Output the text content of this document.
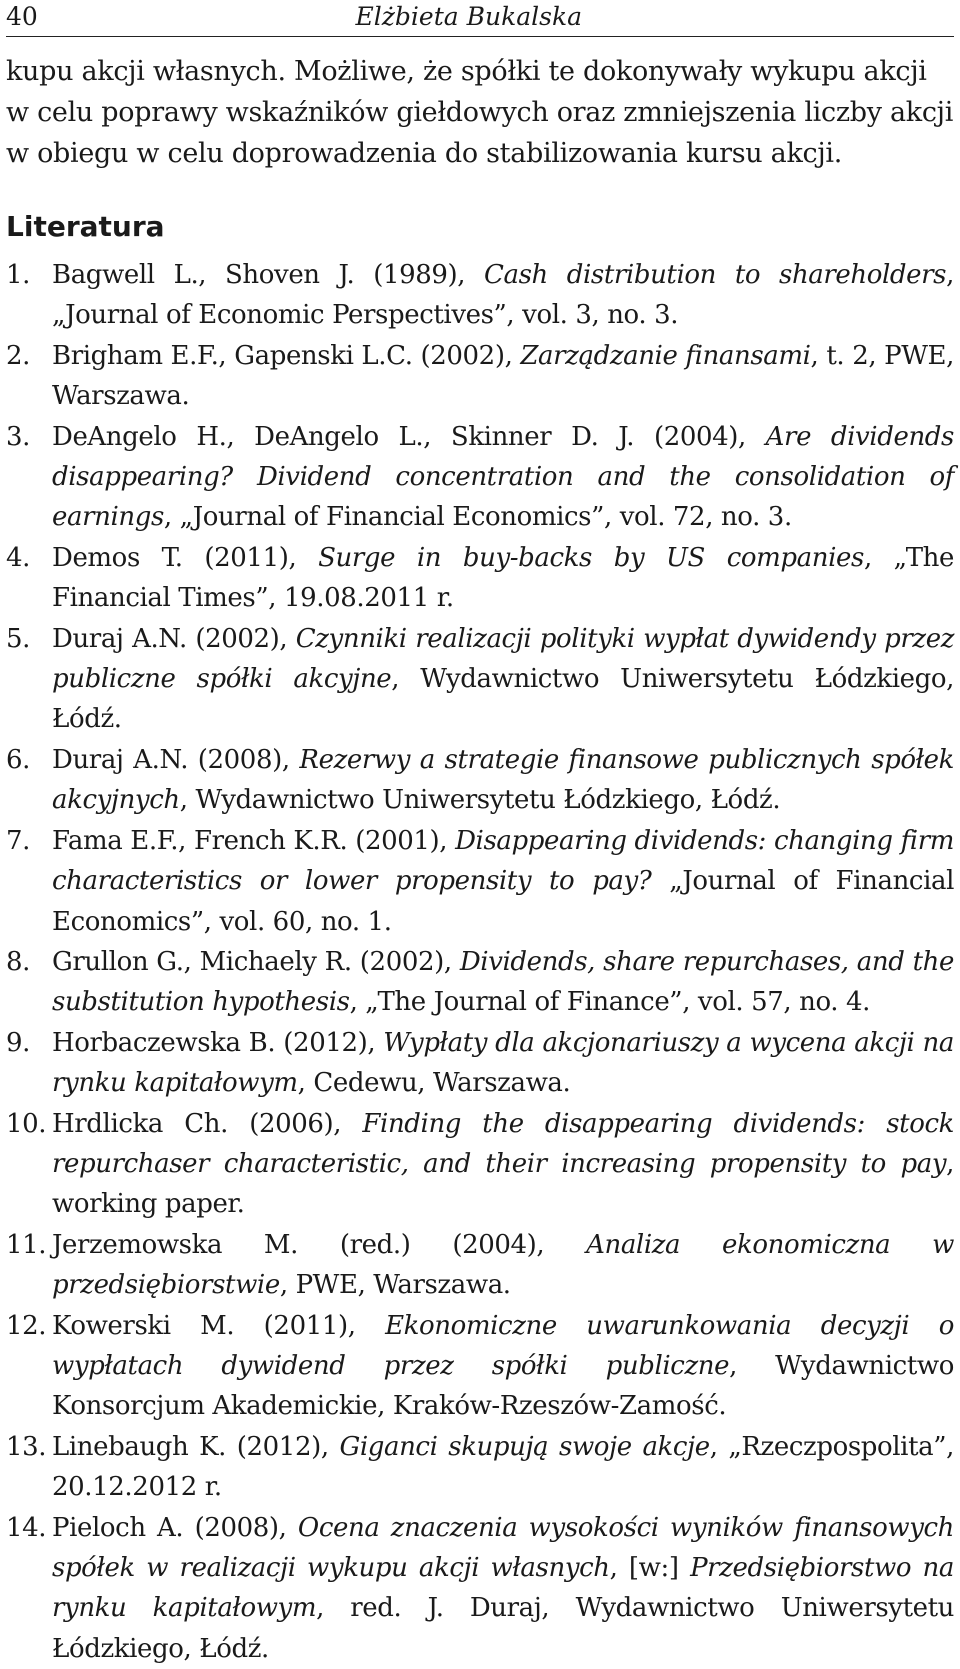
40	Elżbieta Bukalska

kupu akcji własnych. Możliwe, że spółki te dokonywały wykupu akcji w celu poprawy wskaźników giełdowych oraz zmniejszenia liczby akcji w obiegu w celu doprowadzenia do stabilizowania kursu akcji.

Literatura
1. Bagwell L., Shoven J. (1989), Cash distribution to shareholders, „Journal of Economic Perspectives”, vol. 3, no. 3.
2. Brigham E.F., Gapenski L.C. (2002), Zarządzanie finansami, t. 2, PWE, Warszawa.
3. DeAngelo H., DeAngelo L., Skinner D. J. (2004), Are dividends disappearing? Dividend concentration and the consolidation of earnings, „Journal of Financial Economics”, vol. 72, no. 3.
4. Demos T. (2011), Surge in buy-backs by US companies, „The Financial Times”, 19.08.2011 r.
5. Duraj A.N. (2002), Czynniki realizacji polityki wypłat dywidendy przez publiczne spółki akcyjne, Wydawnictwo Uniwersytetu Łódzkiego, Łódź.
6. Duraj A.N. (2008), Rezerwy a strategie finansowe publicznych spółek akcyjnych, Wydawnictwo Uniwersytetu Łódzkiego, Łódź.
7. Fama E.F., French K.R. (2001), Disappearing dividends: changing firm characteristics or lower propensity to pay? „Journal of Financial Economics”, vol. 60, no. 1.
8. Grullon G., Michaely R. (2002), Dividends, share repurchases, and the substitution hypothesis, „The Journal of Finance”, vol. 57, no. 4.
9. Horbaczewska B. (2012), Wypłaty dla akcjonariuszy a wycena akcji na rynku kapitałowym, Cedewu, Warszawa.
10. Hrdlicka Ch. (2006), Finding the disappearing dividends: stock repurchaser characteristic, and their increasing propensity to pay, working paper.
11. Jerzemowska M. (red.) (2004), Analiza ekonomiczna w przedsiębiorstwie, PWE, Warszawa.
12. Kowerski M. (2011), Ekonomiczne uwarunkowania decyzji o wypłatach dywidend przez spółki publiczne, Wydawnictwo Konsorcjum Akademickie, Kraków-Rzeszów-Zamość.
13. Linebaugh K. (2012), Giganci skupują swoje akcje, „Rzeczpospolita”, 20.12.2012 r.
14. Pieloch A. (2008), Ocena znaczenia wysokości wyników finansowych spółek w realizacji wykupu akcji własnych, [w:] Przedsiębiorstwo na rynku kapitałowym, red. J. Duraj, Wydawnictwo Uniwersytetu Łódzkiego, Łódź.
